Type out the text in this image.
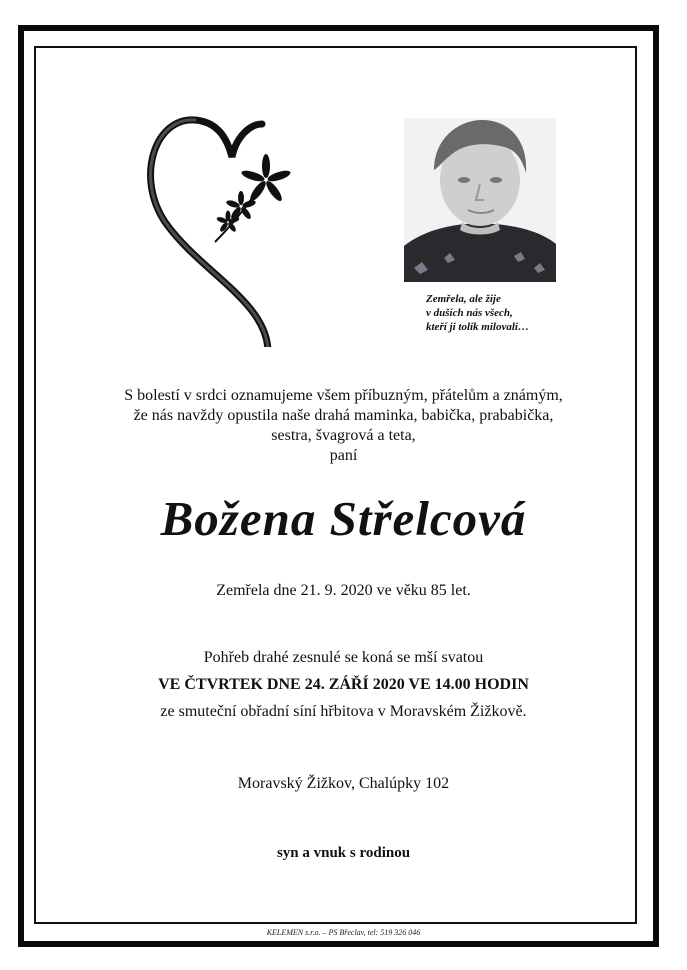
Zemřela, ale žije
v duších nás všech,
kteří ji tolik milovali…
S bolestí v srdci oznamujeme všem příbuzným, přátelům a známým,
že nás navždy opustila naše drahá maminka, babička, prababička,
sestra, švagrová a teta,
paní
Božena Střelcová
Zemřela dne 21. 9. 2020 ve věku 85 let.
Pohřeb drahé zesnulé se koná se mší svatou
VE ČTVRTEK DNE 24. ZÁŘÍ 2020 VE 14.00 HODIN
ze smuteční obřadní síní hřbitova v Moravském Žižkově.
Moravský Žižkov, Chalúpky 102
syn a vnuk s rodinou
KELEMEN s.r.o. – PS Břeclav, tel: 519 326 046
